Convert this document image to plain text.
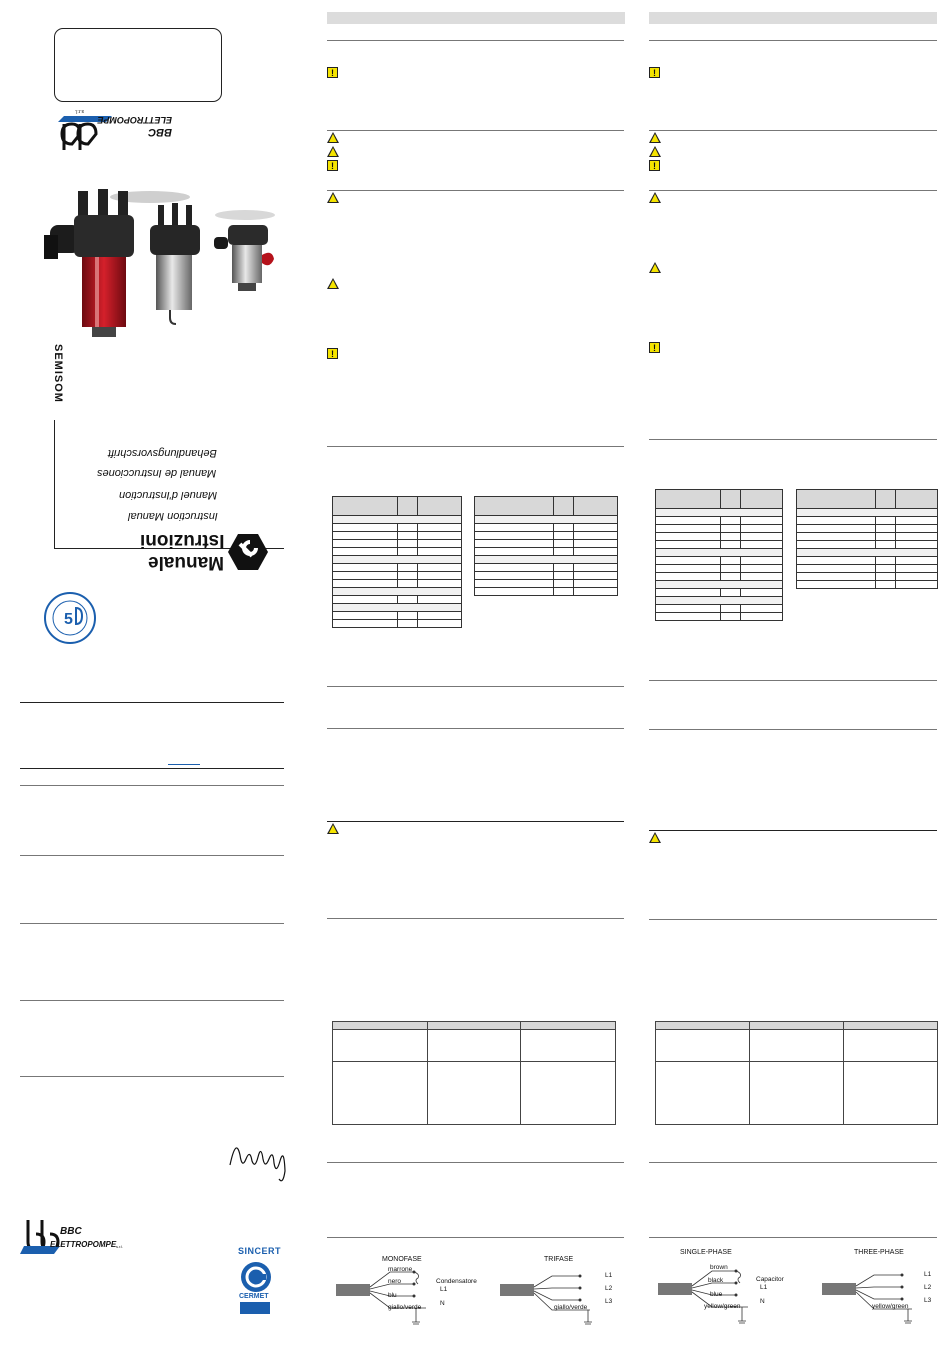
BBC
ELETTROPOMPE
s.r.l.
SEMISOM
Behandlungsvorschrift
Manual de Instrucciones
Manuel d'Instruction
Instruction Manual
Istruzioni
Manuale
5
BBC
ELETTROPOMPE s.r.l.	SINCERT
CERMET
!
!
!

MONOFASE	TRIFASE
marrone
nero
blu
giallo/verde
Condensatore
L1
N
L1
L2
L3
giallo/verde
!
!
!

SINGLE-PHASE	THREE-PHASE
brown
black
blue
yellow/green
Capacitor
L1
N
L1
L2
L3
yellow/green
